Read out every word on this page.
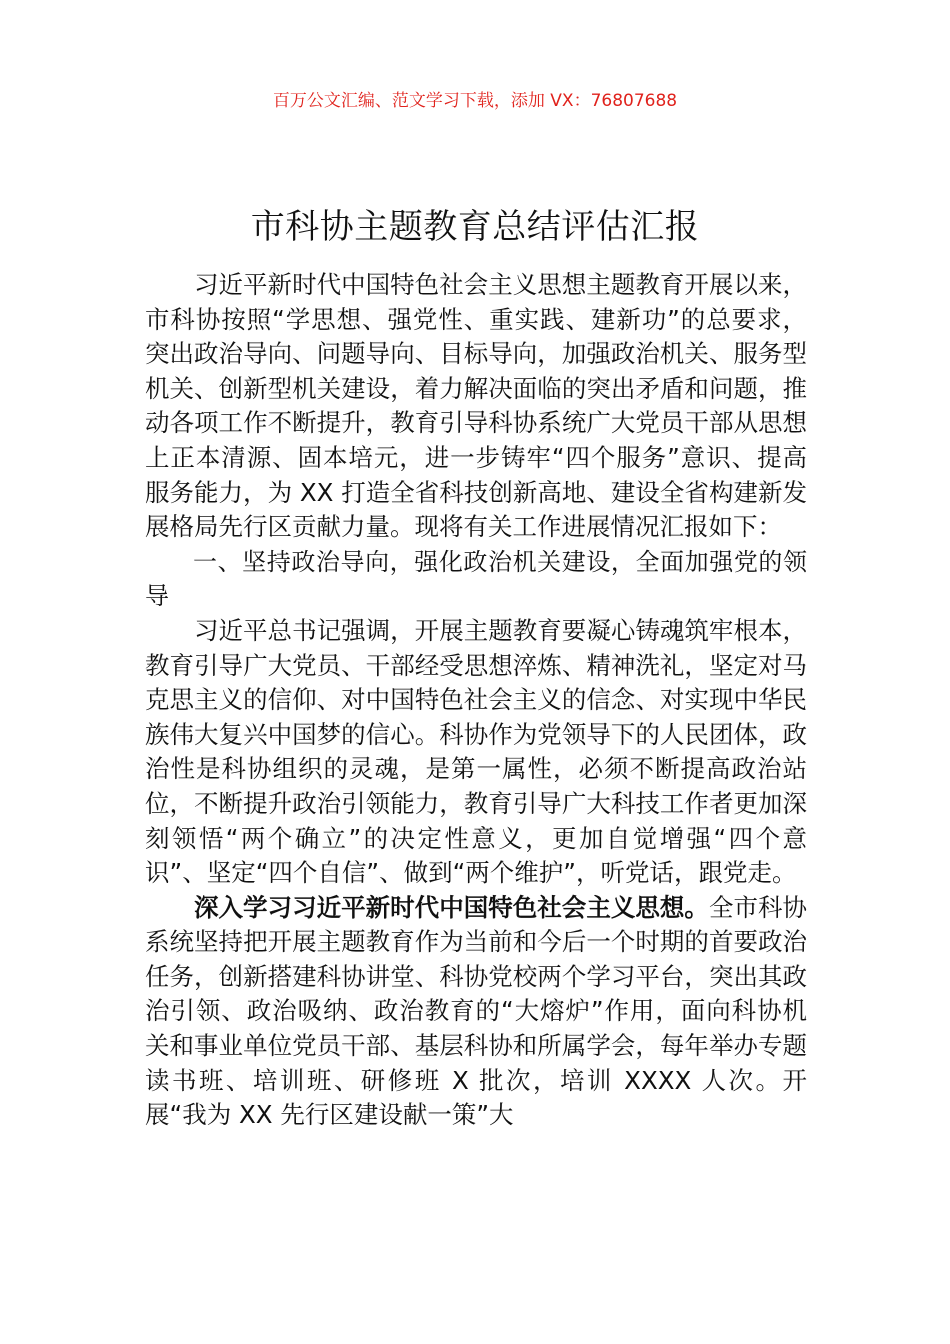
百万公文汇编、范文学习下载，添加 VX：76807688
市科协主题教育总结评估汇报

习近平新时代中国特色社会主义思想主题教育开展以来，市科协按照“学思想、强党性、重实践、建新功”的总要求，突出政治导向、问题导向、目标导向，加强政治机关、服务型机关、创新型机关建设，着力解决面临的突出矛盾和问题，推动各项工作不断提升，教育引导科协系统广大党员干部从思想上正本清源、固本培元，进一步铸牢“四个服务”意识、提高服务能力，为 XX 打造全省科技创新高地、建设全省构建新发展格局先行区贡献力量。现将有关工作进展情况汇报如下：

一、坚持政治导向，强化政治机关建设，全面加强党的领导

习近平总书记强调，开展主题教育要凝心铸魂筑牢根本，教育引导广大党员、干部经受思想淬炼、精神洗礼，坚定对马克思主义的信仰、对中国特色社会主义的信念、对实现中华民族伟大复兴中国梦的信心。科协作为党领导下的人民团体，政治性是科协组织的灵魂，是第一属性，必须不断提高政治站位，不断提升政治引领能力，教育引导广大科技工作者更加深刻领悟“两个确立”的决定性意义，更加自觉增强“四个意识”、坚定“四个自信”、做到“两个维护”，听党话，跟党走。

深入学习习近平新时代中国特色社会主义思想。全市科协系统坚持把开展主题教育作为当前和今后一个时期的首要政治任务，创新搭建科协讲堂、科协党校两个学习平台，突出其政治引领、政治吸纳、政治教育的“大熔炉”作用，面向科协机关和事业单位党员干部、基层科协和所属学会，每年举办专题读书班、培训班、研修班 X 批次，培训 XXXX 人次。开展“我为 XX 先行区建设献一策”大
